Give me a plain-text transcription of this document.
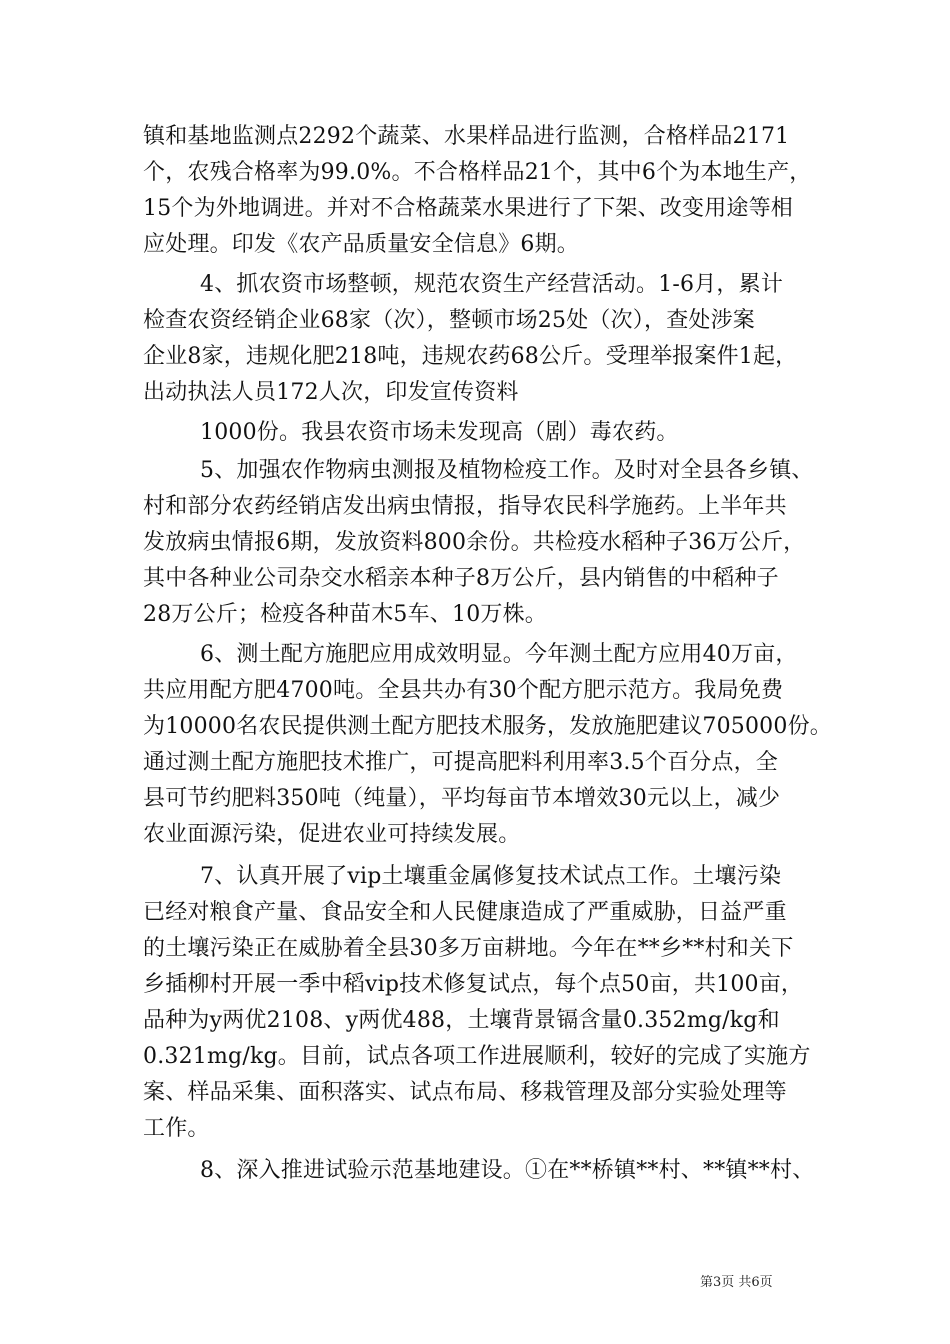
镇和基地监测点2292个蔬菜、水果样品进行监测，合格样品2171
个，农残合格率为99.0%。不合格样品21个，其中6个为本地生产，
15个为外地调进。并对不合格蔬菜水果进行了下架、改变用途等相
应处理。印发《农产品质量安全信息》6期。
4、抓农资市场整顿，规范农资生产经营活动。1-6月，累计
检查农资经销企业68家（次），整顿市场25处（次），查处涉案
企业8家，违规化肥218吨，违规农药68公斤。受理举报案件1起，
出动执法人员172人次，印发宣传资料
1000份。我县农资市场未发现高（剧）毒农药。
5、加强农作物病虫测报及植物检疫工作。及时对全县各乡镇、
村和部分农药经销店发出病虫情报，指导农民科学施药。上半年共
发放病虫情报6期，发放资料800余份。共检疫水稻种子36万公斤，
其中各种业公司杂交水稻亲本种子8万公斤，县内销售的中稻种子
28万公斤；检疫各种苗木5车、10万株。
6、测土配方施肥应用成效明显。今年测土配方应用40万亩，
共应用配方肥4700吨。全县共办有30个配方肥示范方。我局免费
为10000名农民提供测土配方肥技术服务，发放施肥建议705000份。
通过测土配方施肥技术推广，可提高肥料利用率3.5个百分点，全
县可节约肥料350吨（纯量），平均每亩节本增效30元以上，减少
农业面源污染，促进农业可持续发展。
7、认真开展了vip土壤重金属修复技术试点工作。土壤污染
已经对粮食产量、食品安全和人民健康造成了严重威胁，日益严重
的土壤污染正在威胁着全县30多万亩耕地。今年在**乡**村和关下
乡插柳村开展一季中稻vip技术修复试点，每个点50亩，共100亩，
品种为y两优2108、y两优488，土壤背景镉含量0.352mg/kg和
0.321mg/kg。目前，试点各项工作进展顺利，较好的完成了实施方
案、样品采集、面积落实、试点布局、移栽管理及部分实验处理等
工作。
8、深入推进试验示范基地建设。①在**桥镇**村、**镇**村、
第3页 共6页
